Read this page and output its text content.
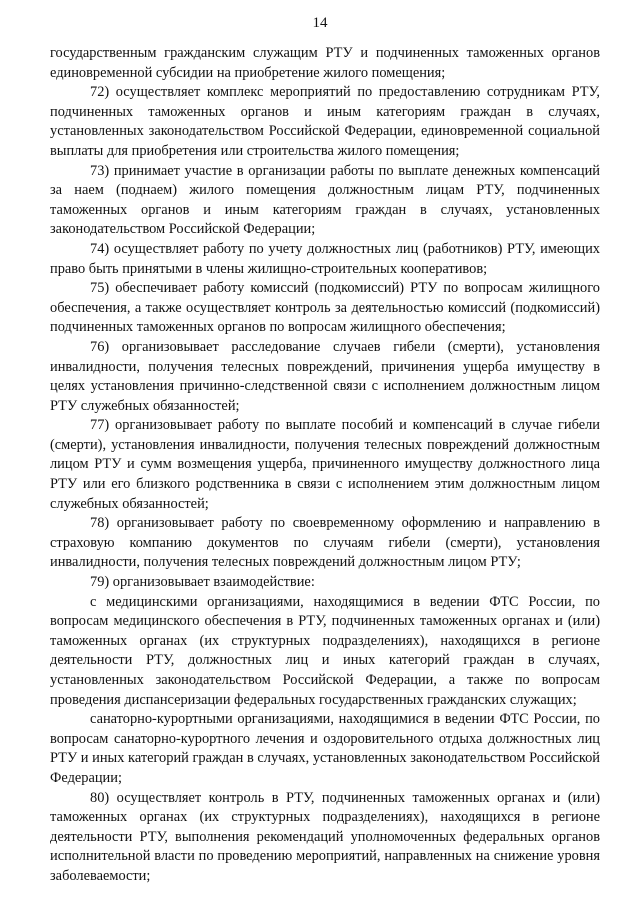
14

государственным гражданским служащим РТУ и подчиненных таможенных органов единовременной субсидии на приобретение жилого помещения;

72) осуществляет комплекс мероприятий по предоставлению сотрудникам РТУ, подчиненных таможенных органов и иным категориям граждан в случаях, установленных законодательством Российской Федерации, единовременной социальной выплаты для приобретения или строительства жилого помещения;

73) принимает участие в организации работы по выплате денежных компенсаций за наем (поднаем) жилого помещения должностным лицам РТУ, подчиненных таможенных органов и иным категориям граждан в случаях, установленных законодательством Российской Федерации;

74) осуществляет работу по учету должностных лиц (работников) РТУ, имеющих право быть принятыми в члены жилищно-строительных кооперативов;

75) обеспечивает работу комиссий (подкомиссий) РТУ по вопросам жилищного обеспечения, а также осуществляет контроль за деятельностью комиссий (подкомиссий) подчиненных таможенных органов по вопросам жилищного обеспечения;

76) организовывает расследование случаев гибели (смерти), установления инвалидности, получения телесных повреждений, причинения ущерба имуществу в целях установления причинно-следственной связи с исполнением должностным лицом РТУ служебных обязанностей;

77) организовывает работу по выплате пособий и компенсаций в случае гибели (смерти), установления инвалидности, получения телесных повреждений должностным лицом РТУ и сумм возмещения ущерба, причиненного имуществу должностного лица РТУ или его близкого родственника в связи с исполнением этим должностным лицом служебных обязанностей;

78) организовывает работу по своевременному оформлению и направлению в страховую компанию документов по случаям гибели (смерти), установления инвалидности, получения телесных повреждений должностным лицом РТУ;

79) организовывает взаимодействие:

с медицинскими организациями, находящимися в ведении ФТС России, по вопросам медицинского обеспечения в РТУ, подчиненных таможенных органах и (или) таможенных органах (их структурных подразделениях), находящихся в регионе деятельности РТУ, должностных лиц и иных категорий граждан в случаях, установленных законодательством Российской Федерации, а также по вопросам проведения диспансеризации федеральных государственных гражданских служащих;

санаторно-курортными организациями, находящимися в ведении ФТС России, по вопросам санаторно-курортного лечения и оздоровительного отдыха должностных лиц РТУ и иных категорий граждан в случаях, установленных законодательством Российской Федерации;

80) осуществляет контроль в РТУ, подчиненных таможенных органах и (или) таможенных органах (их структурных подразделениях), находящихся в регионе деятельности РТУ, выполнения рекомендаций уполномоченных федеральных органов исполнительной власти по проведению мероприятий, направленных на снижение уровня заболеваемости;
